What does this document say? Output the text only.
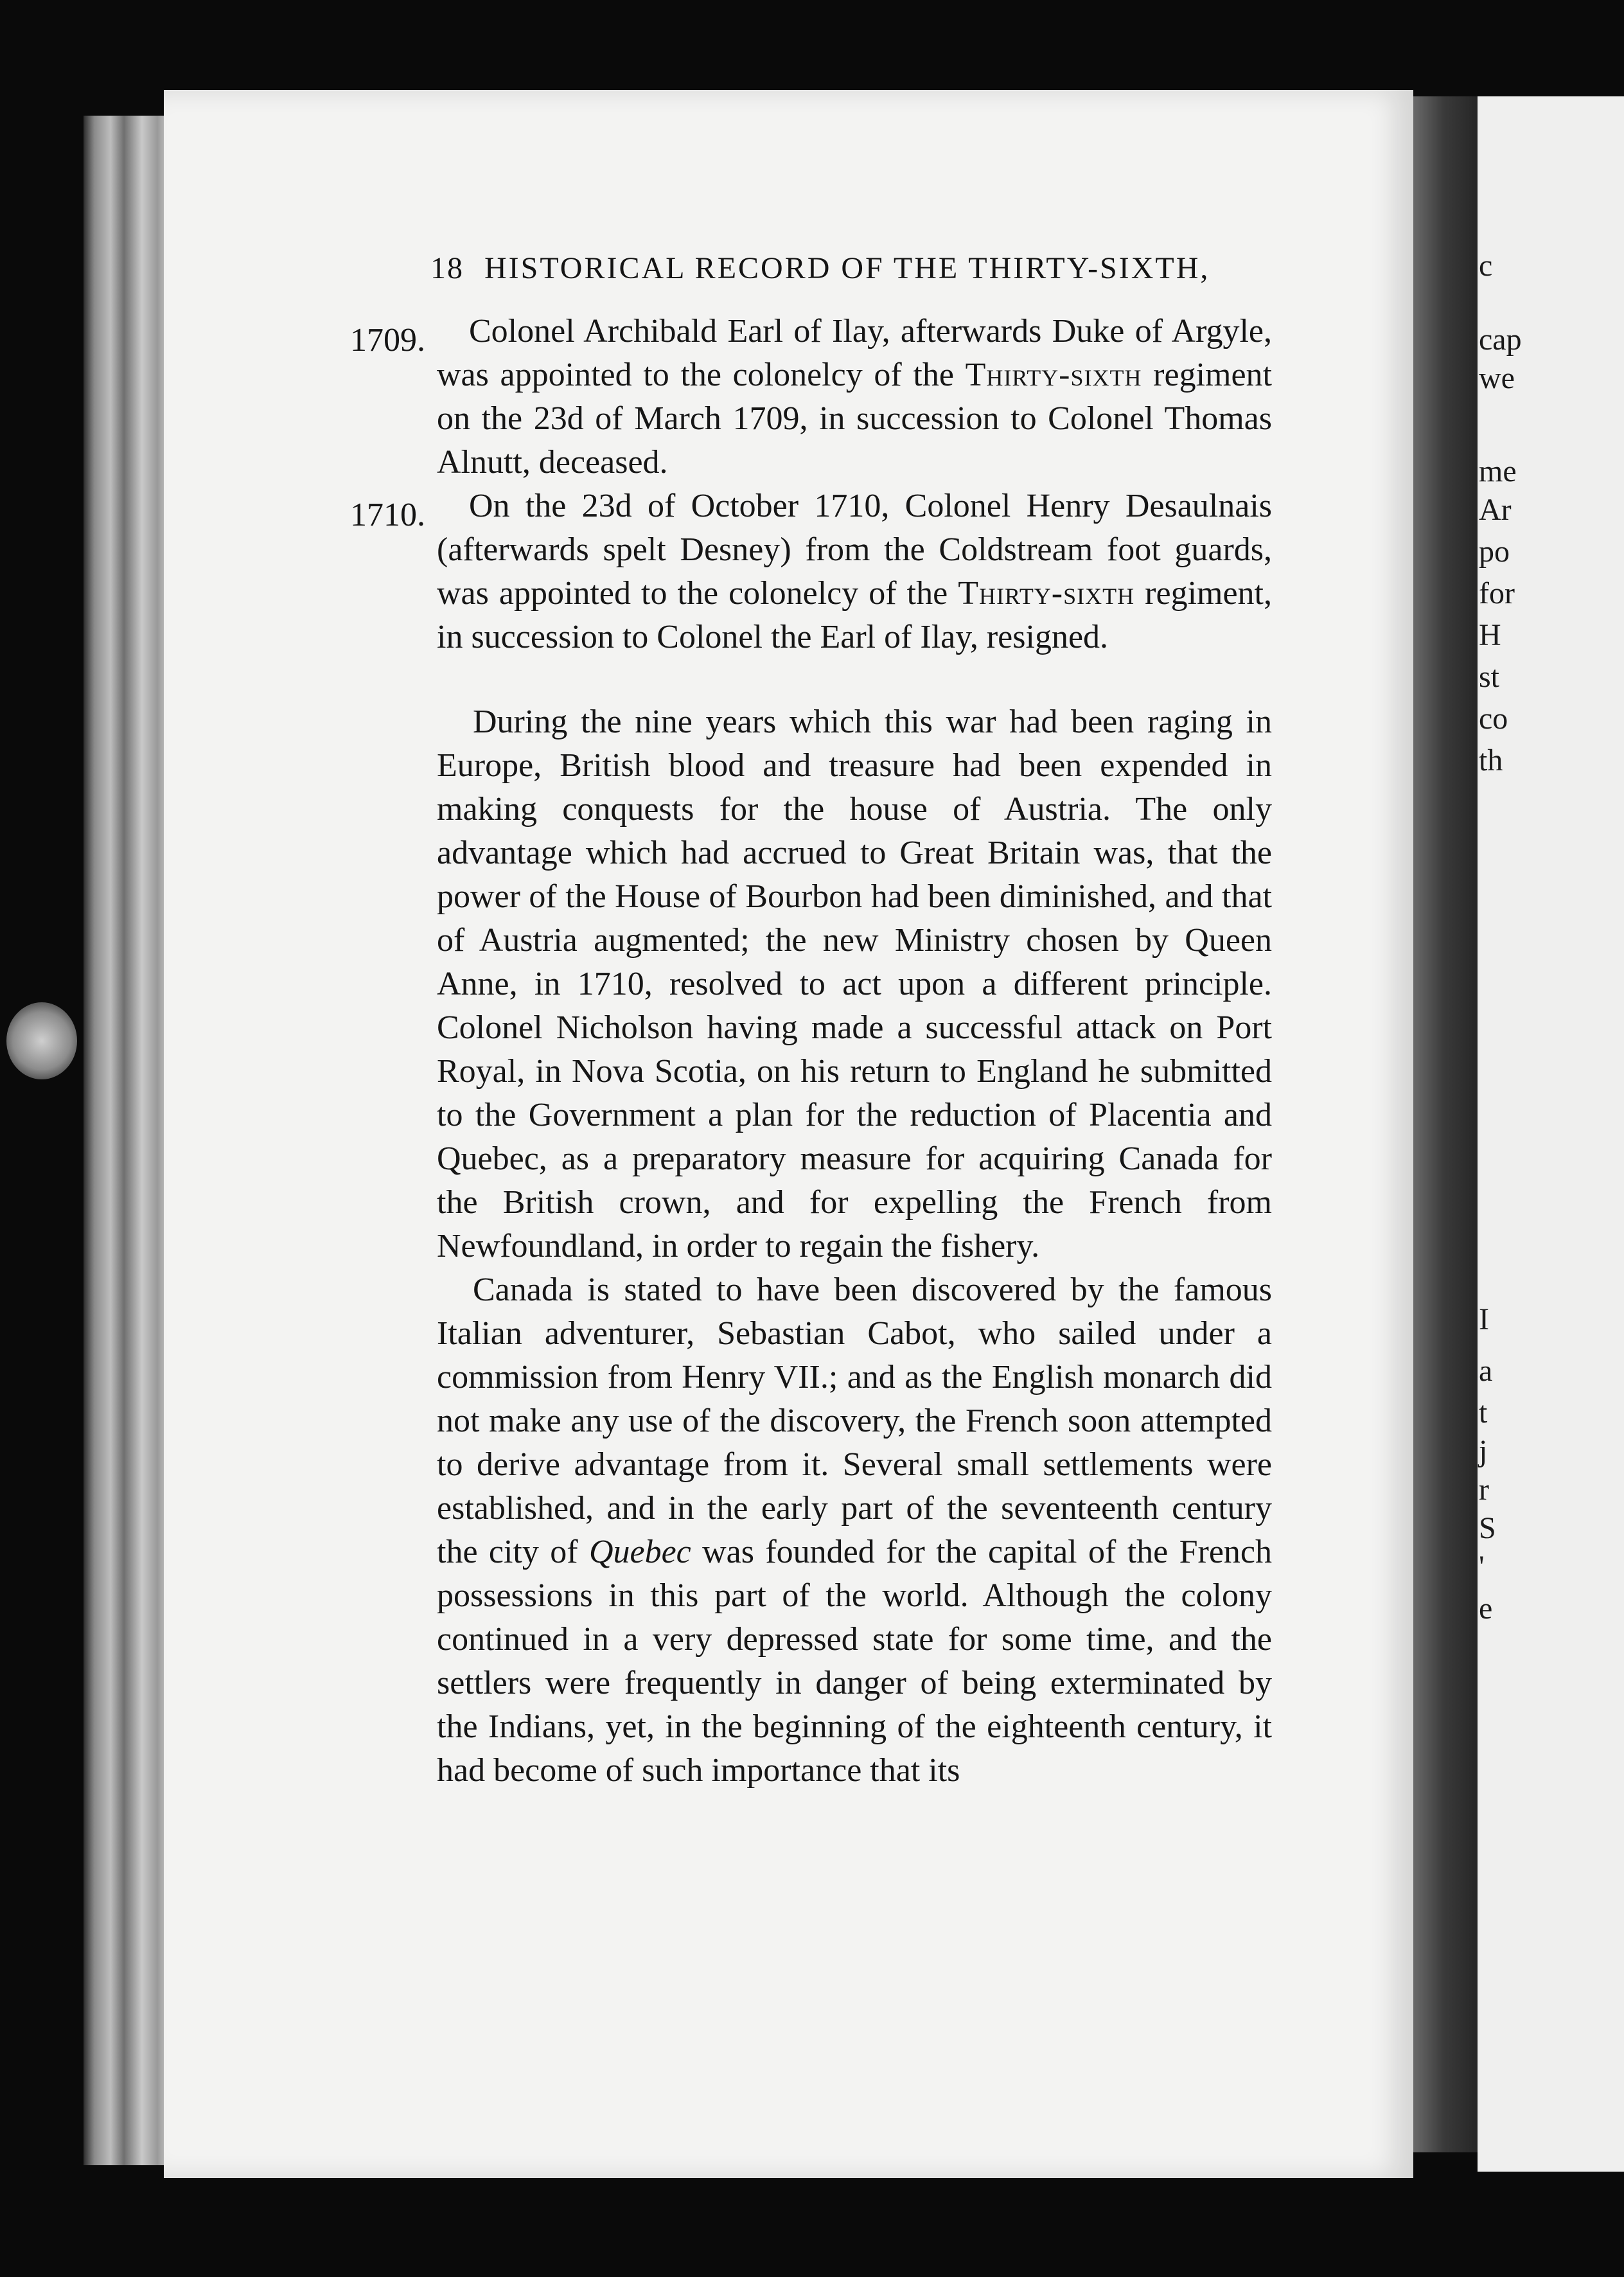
c
cap
we
me
Ar
po
for
H
st
co
th
I
a
t
j
r
S
'
e
18 HISTORICAL RECORD OF THE THIRTY-SIXTH,
1709.	Colonel Archibald Earl of Ilay, afterwards Duke of Argyle, was appointed to the colonelcy of the Thirty-sixth regiment on the 23d of March 1709, in succession to Colonel Thomas Alnutt, deceased.

1710.	On the 23d of October 1710, Colonel Henry Desaulnais (afterwards spelt Desney) from the Coldstream foot guards, was appointed to the colonelcy of the Thirty-sixth regiment, in succession to Colonel the Earl of Ilay, resigned.

During the nine years which this war had been raging in Europe, British blood and treasure had been expended in making conquests for the house of Austria. The only advantage which had accrued to Great Britain was, that the power of the House of Bourbon had been diminished, and that of Austria augmented; the new Ministry chosen by Queen Anne, in 1710, resolved to act upon a different principle. Colonel Nicholson having made a successful attack on Port Royal, in Nova Scotia, on his return to England he submitted to the Government a plan for the reduction of Placentia and Quebec, as a preparatory measure for acquiring Canada for the British crown, and for expelling the French from Newfoundland, in order to regain the fishery.

Canada is stated to have been discovered by the famous Italian adventurer, Sebastian Cabot, who sailed under a commission from Henry VII.; and as the English monarch did not make any use of the discovery, the French soon attempted to derive advantage from it. Several small settlements were established, and in the early part of the seventeenth century the city of Quebec was founded for the capital of the French possessions in this part of the world. Although the colony continued in a very depressed state for some time, and the settlers were frequently in danger of being exterminated by the Indians, yet, in the beginning of the eighteenth century, it had become of such importance that its
